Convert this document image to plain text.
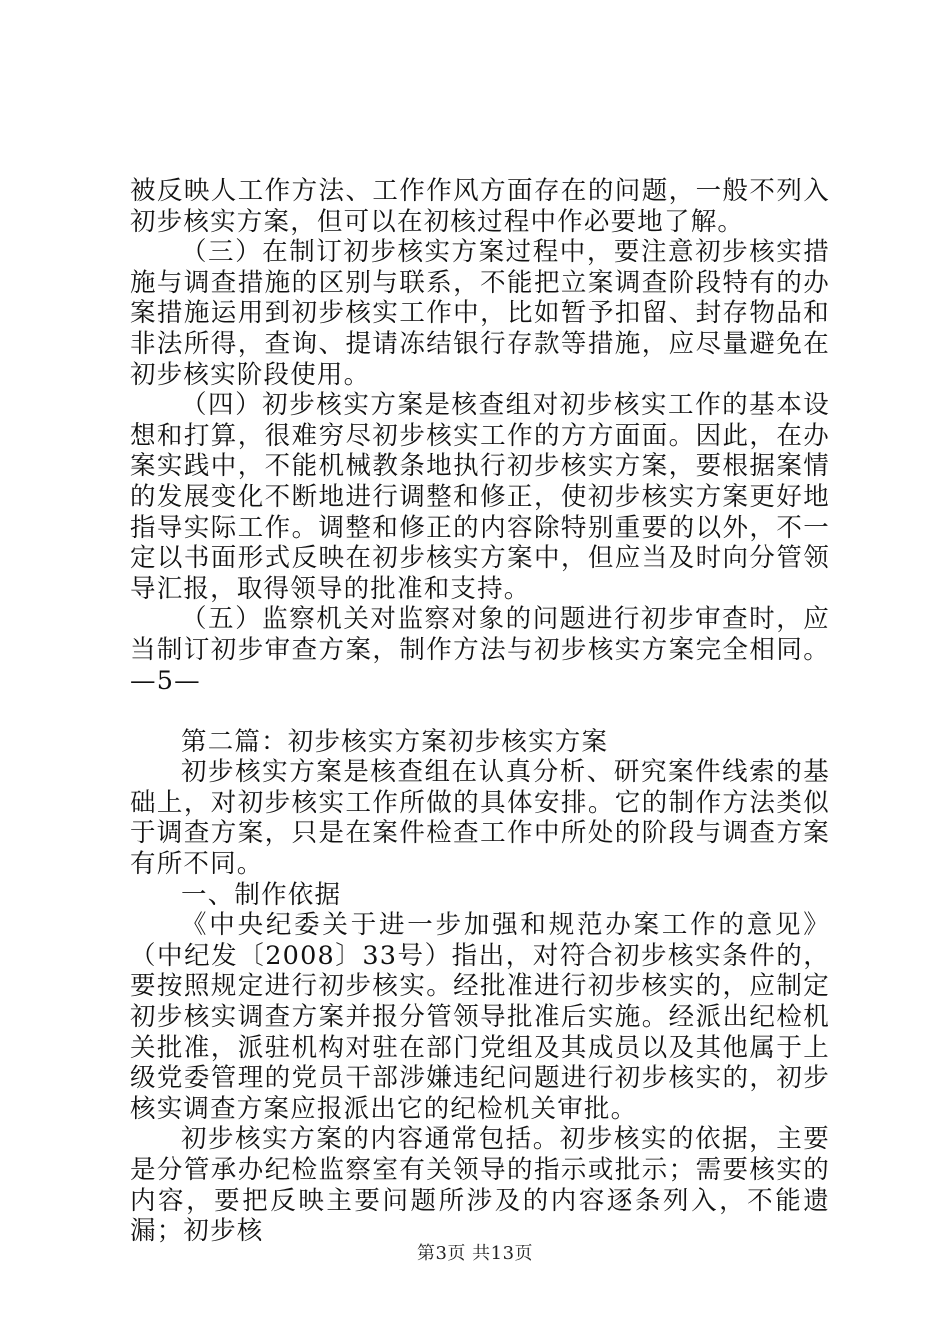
被反映人工作方法、工作作风方面存在的问题，一般不列入初步核实方案，但可以在初核过程中作必要地了解。

（三）在制订初步核实方案过程中，要注意初步核实措施与调查措施的区别与联系，不能把立案调查阶段特有的办案措施运用到初步核实工作中，比如暂予扣留、封存物品和非法所得，查询、提请冻结银行存款等措施，应尽量避免在初步核实阶段使用。

（四）初步核实方案是核查组对初步核实工作的基本设想和打算，很难穷尽初步核实工作的方方面面。因此，在办案实践中，不能机械教条地执行初步核实方案，要根据案情的发展变化不断地进行调整和修正，使初步核实方案更好地指导实际工作。调整和修正的内容除特别重要的以外，不一定以书面形式反映在初步核实方案中，但应当及时向分管领导汇报，取得领导的批准和支持。

（五）监察机关对监察对象的问题进行初步审查时，应当制订初步审查方案，制作方法与初步核实方案完全相同。—5—

第二篇：初步核实方案初步核实方案

初步核实方案是核查组在认真分析、研究案件线索的基础上，对初步核实工作所做的具体安排。它的制作方法类似于调查方案，只是在案件检查工作中所处的阶段与调查方案有所不同。

一、制作依据

《中央纪委关于进一步加强和规范办案工作的意见》（中纪发〔2008〕33号）指出，对符合初步核实条件的，要按照规定进行初步核实。经批准进行初步核实的，应制定初步核实调查方案并报分管领导批准后实施。经派出纪检机关批准，派驻机构对驻在部门党组及其成员以及其他属于上级党委管理的党员干部涉嫌违纪问题进行初步核实的，初步核实调查方案应报派出它的纪检机关审批。

初步核实方案的内容通常包括。初步核实的依据，主要是分管承办纪检监察室有关领导的指示或批示；需要核实的内容，要把反映主要问题所涉及的内容逐条列入，不能遗漏；初步核

第3页 共13页
